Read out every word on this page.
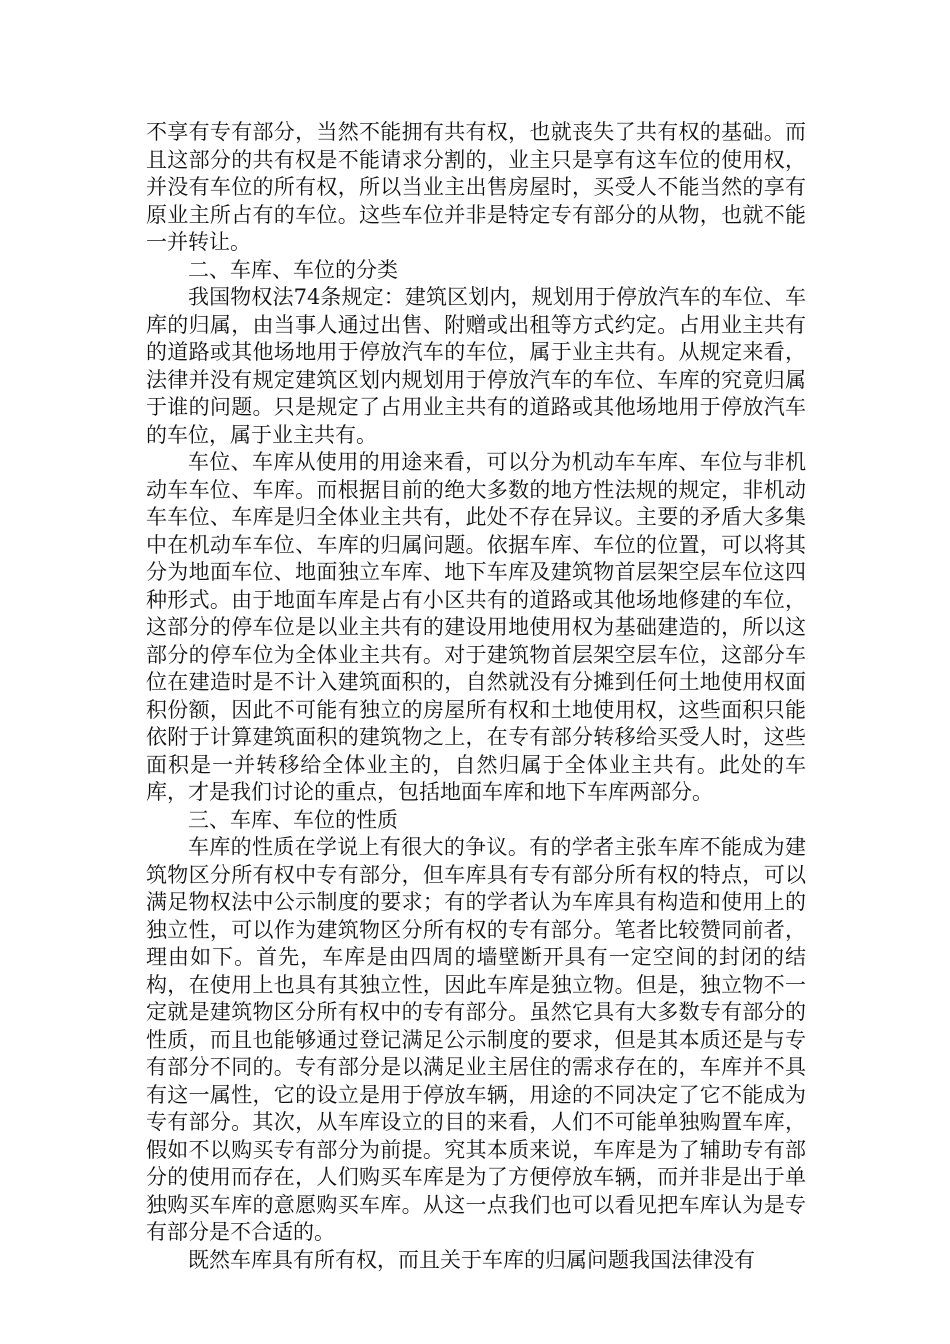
不享有专有部分，当然不能拥有共有权，也就丧失了共有权的基础。而且这部分的共有权是不能请求分割的，业主只是享有这车位的使用权，并没有车位的所有权，所以当业主出售房屋时，买受人不能当然的享有原业主所占有的车位。这些车位并非是特定专有部分的从物，也就不能一并转让。

二、车库、车位的分类

我国物权法74条规定：建筑区划内，规划用于停放汽车的车位、车库的归属，由当事人通过出售、附赠或出租等方式约定。占用业主共有的道路或其他场地用于停放汽车的车位，属于业主共有。从规定来看，法律并没有规定建筑区划内规划用于停放汽车的车位、车库的究竟归属于谁的问题。只是规定了占用业主共有的道路或其他场地用于停放汽车的车位，属于业主共有。

车位、车库从使用的用途来看，可以分为机动车车库、车位与非机动车车位、车库。而根据目前的绝大多数的地方性法规的规定，非机动车车位、车库是归全体业主共有，此处不存在异议。主要的矛盾大多集中在机动车车位、车库的归属问题。依据车库、车位的位置，可以将其分为地面车位、地面独立车库、地下车库及建筑物首层架空层车位这四种形式。由于地面车库是占有小区共有的道路或其他场地修建的车位，这部分的停车位是以业主共有的建设用地使用权为基础建造的，所以这部分的停车位为全体业主共有。对于建筑物首层架空层车位，这部分车位在建造时是不计入建筑面积的，自然就没有分摊到任何土地使用权面积份额，因此不可能有独立的房屋所有权和土地使用权，这些面积只能依附于计算建筑面积的建筑物之上，在专有部分转移给买受人时，这些面积是一并转移给全体业主的，自然归属于全体业主共有。此处的车库，才是我们讨论的重点，包括地面车库和地下车库两部分。

三、车库、车位的性质

车库的性质在学说上有很大的争议。有的学者主张车库不能成为建筑物区分所有权中专有部分，但车库具有专有部分所有权的特点，可以满足物权法中公示制度的要求；有的学者认为车库具有构造和使用上的独立性，可以作为建筑物区分所有权的专有部分。笔者比较赞同前者，理由如下。首先，车库是由四周的墙壁断开具有一定空间的封闭的结构，在使用上也具有其独立性，因此车库是独立物。但是，独立物不一定就是建筑物区分所有权中的专有部分。虽然它具有大多数专有部分的性质，而且也能够通过登记满足公示制度的要求，但是其本质还是与专有部分不同的。专有部分是以满足业主居住的需求存在的，车库并不具有这一属性，它的设立是用于停放车辆，用途的不同决定了它不能成为专有部分。其次，从车库设立的目的来看，人们不可能单独购置车库，假如不以购买专有部分为前提。究其本质来说，车库是为了辅助专有部分的使用而存在，人们购买车库是为了方便停放车辆，而并非是出于单独购买车库的意愿购买车库。从这一点我们也可以看见把车库认为是专有部分是不合适的。

既然车库具有所有权，而且关于车库的归属问题我国法律没有
